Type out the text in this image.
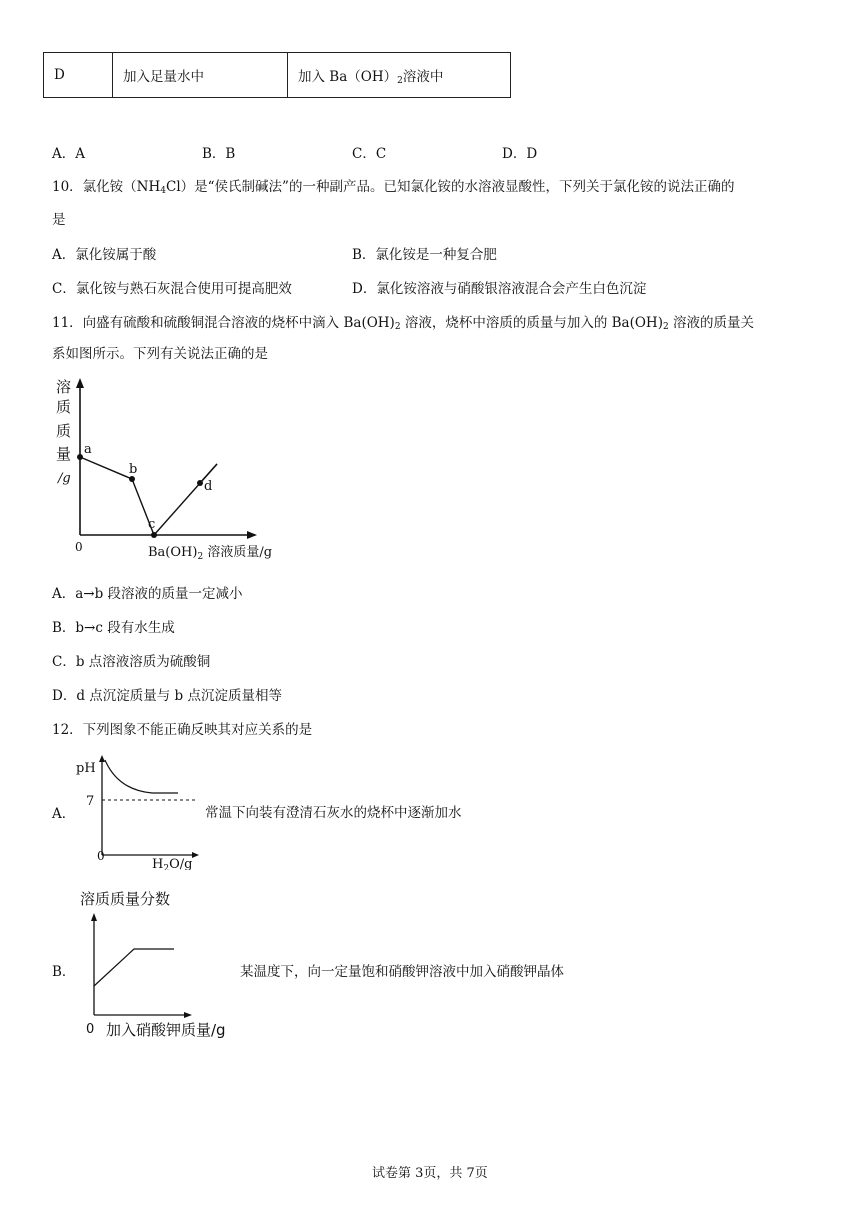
D	加入足量水中	加入 $Ba(OH)_2$溶液中
A．A	B．B	C．C	D．D
10．氯化铵$(NH_4Cl)$是“侯氏制碱法”的一种副产品。已知氯化铵的水溶液显酸性，下列关于氯化铵的说法正确的
是
A．氯化铵属于酸	B．氯化铵是一种复合肥
C．氯化铵与熟石灰混合使用可提高肥效	D．氯化铵溶液与硝酸银溶液混合会产生白色沉淀
11．向盛有硫酸和硫酸铜混合溶液的烧杯中滴入 $Ba(OH)_2$ 溶液，烧杯中溶质的质量与加入的 $Ba(OH)_2$ 溶液的质量关
系如图所示。下列有关说法正确的是
溶
质
质
量
/g
0	$Ba(OH)_2$ 溶液质量/g
a
b
c
d
A．a→b 段溶液的质量一定减小
B．b→c 段有水生成
C．b 点溶液溶质为硫酸铜
D．d 点沉淀质量与 b 点沉淀质量相等
12．下列图象不能正确反映其对应关系的是
A．
pH
7
0
$H_2O/g$
常温下向装有澄清石灰水的烧杯中逐渐加水
溶质质量分数
0 加入硝酸钾质量/g
B．	某温度下，向一定量饱和硝酸钾溶液中加入硝酸钾晶体
试卷第 3页，共 7页
